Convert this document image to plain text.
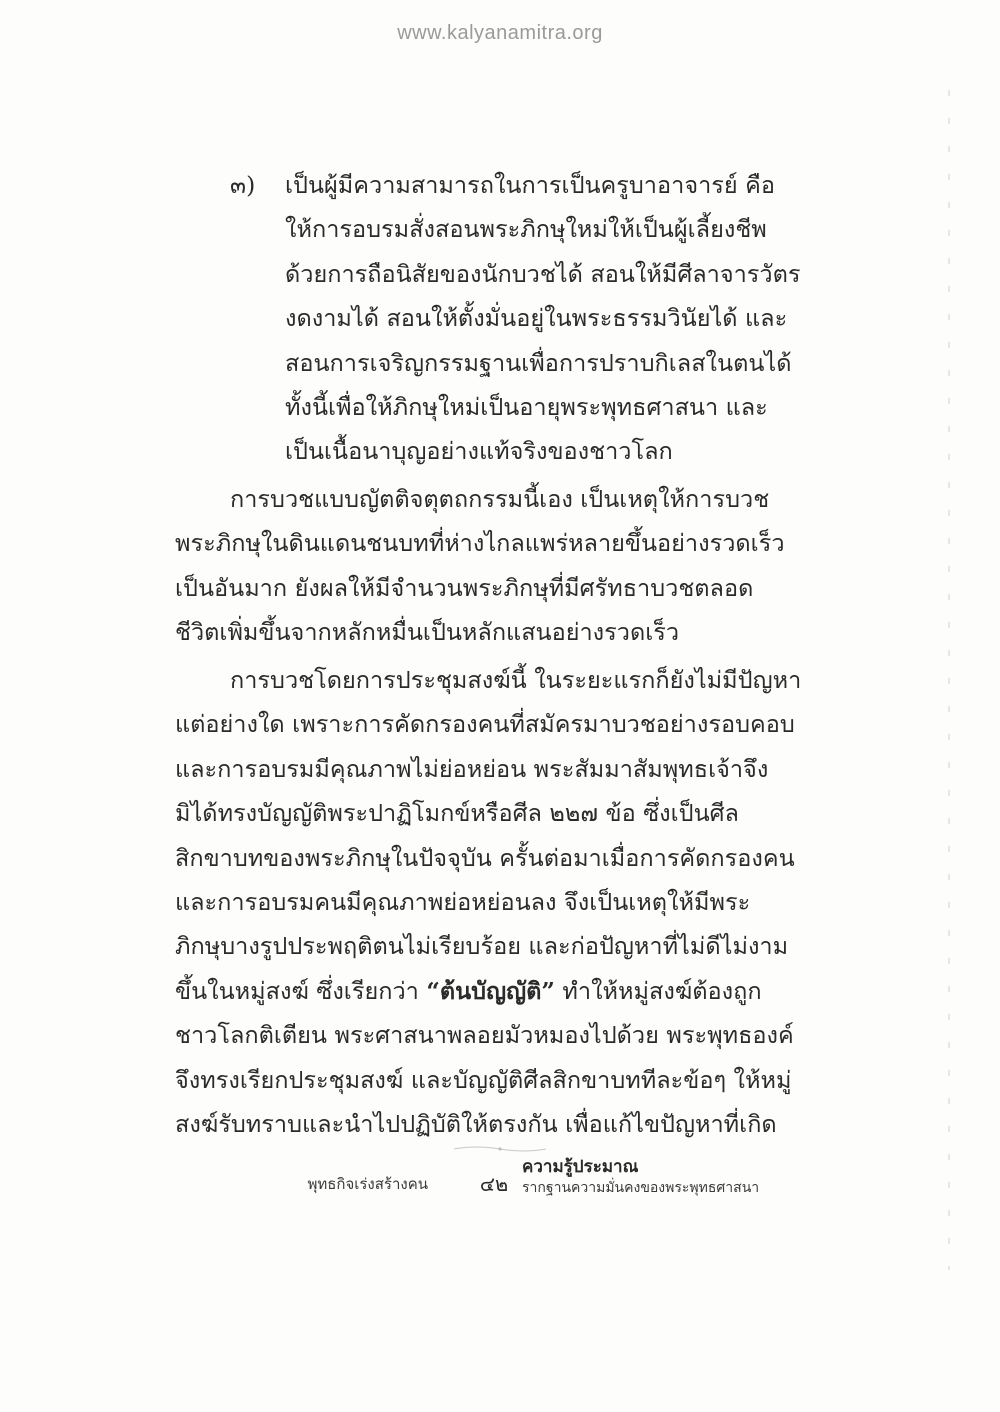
www.kalyanamitra.org
๓) เป็นผู้มีความสามารถในการเป็นครูบาอาจารย์ คือ
ให้การอบรมสั่งสอนพระภิกษุใหม่ให้เป็นผู้เลี้ยงชีพ
ด้วยการถือนิสัยของนักบวชได้ สอนให้มีศีลาจารวัตร
งดงามได้ สอนให้ตั้งมั่นอยู่ในพระธรรมวินัยได้ และ
สอนการเจริญกรรมฐานเพื่อการปราบกิเลสในตนได้
ทั้งนี้เพื่อให้ภิกษุใหม่เป็นอายุพระพุทธศาสนา และ
เป็นเนื้อนาบุญอย่างแท้จริงของชาวโลก
การบวชแบบญัตติจตุตถกรรมนี้เอง เป็นเหตุให้การบวช
พระภิกษุในดินแดนชนบทที่ห่างไกลแพร่หลายขึ้นอย่างรวดเร็ว
เป็นอันมาก ยังผลให้มีจำนวนพระภิกษุที่มีศรัทธาบวชตลอด
ชีวิตเพิ่มขึ้นจากหลักหมื่นเป็นหลักแสนอย่างรวดเร็ว
การบวชโดยการประชุมสงฆ์นี้ ในระยะแรกก็ยังไม่มีปัญหา
แต่อย่างใด เพราะการคัดกรองคนที่สมัครมาบวชอย่างรอบคอบ
และการอบรมมีคุณภาพไม่ย่อหย่อน พระสัมมาสัมพุทธเจ้าจึง
มิได้ทรงบัญญัติพระปาฏิโมกข์หรือศีล ๒๒๗ ข้อ ซึ่งเป็นศีล
สิกขาบทของพระภิกษุในปัจจุบัน ครั้นต่อมาเมื่อการคัดกรองคน
และการอบรมคนมีคุณภาพย่อหย่อนลง จึงเป็นเหตุให้มีพระ
ภิกษุบางรูปประพฤติตนไม่เรียบร้อย และก่อปัญหาที่ไม่ดีไม่งาม
ขึ้นในหมู่สงฆ์ ซึ่งเรียกว่า “ต้นบัญญัติ” ทำให้หมู่สงฆ์ต้องถูก
ชาวโลกติเตียน พระศาสนาพลอยมัวหมองไปด้วย พระพุทธองค์
จึงทรงเรียกประชุมสงฆ์ และบัญญัติศีลสิกขาบททีละข้อๆ ให้หมู่
สงฆ์รับทราบและนำไปปฏิบัติให้ตรงกัน เพื่อแก้ไขปัญหาที่เกิด
พุทธกิจเร่งสร้างคน	๔๒
ความรู้ประมาณ
รากฐานความมั่นคงของพระพุทธศาสนา
